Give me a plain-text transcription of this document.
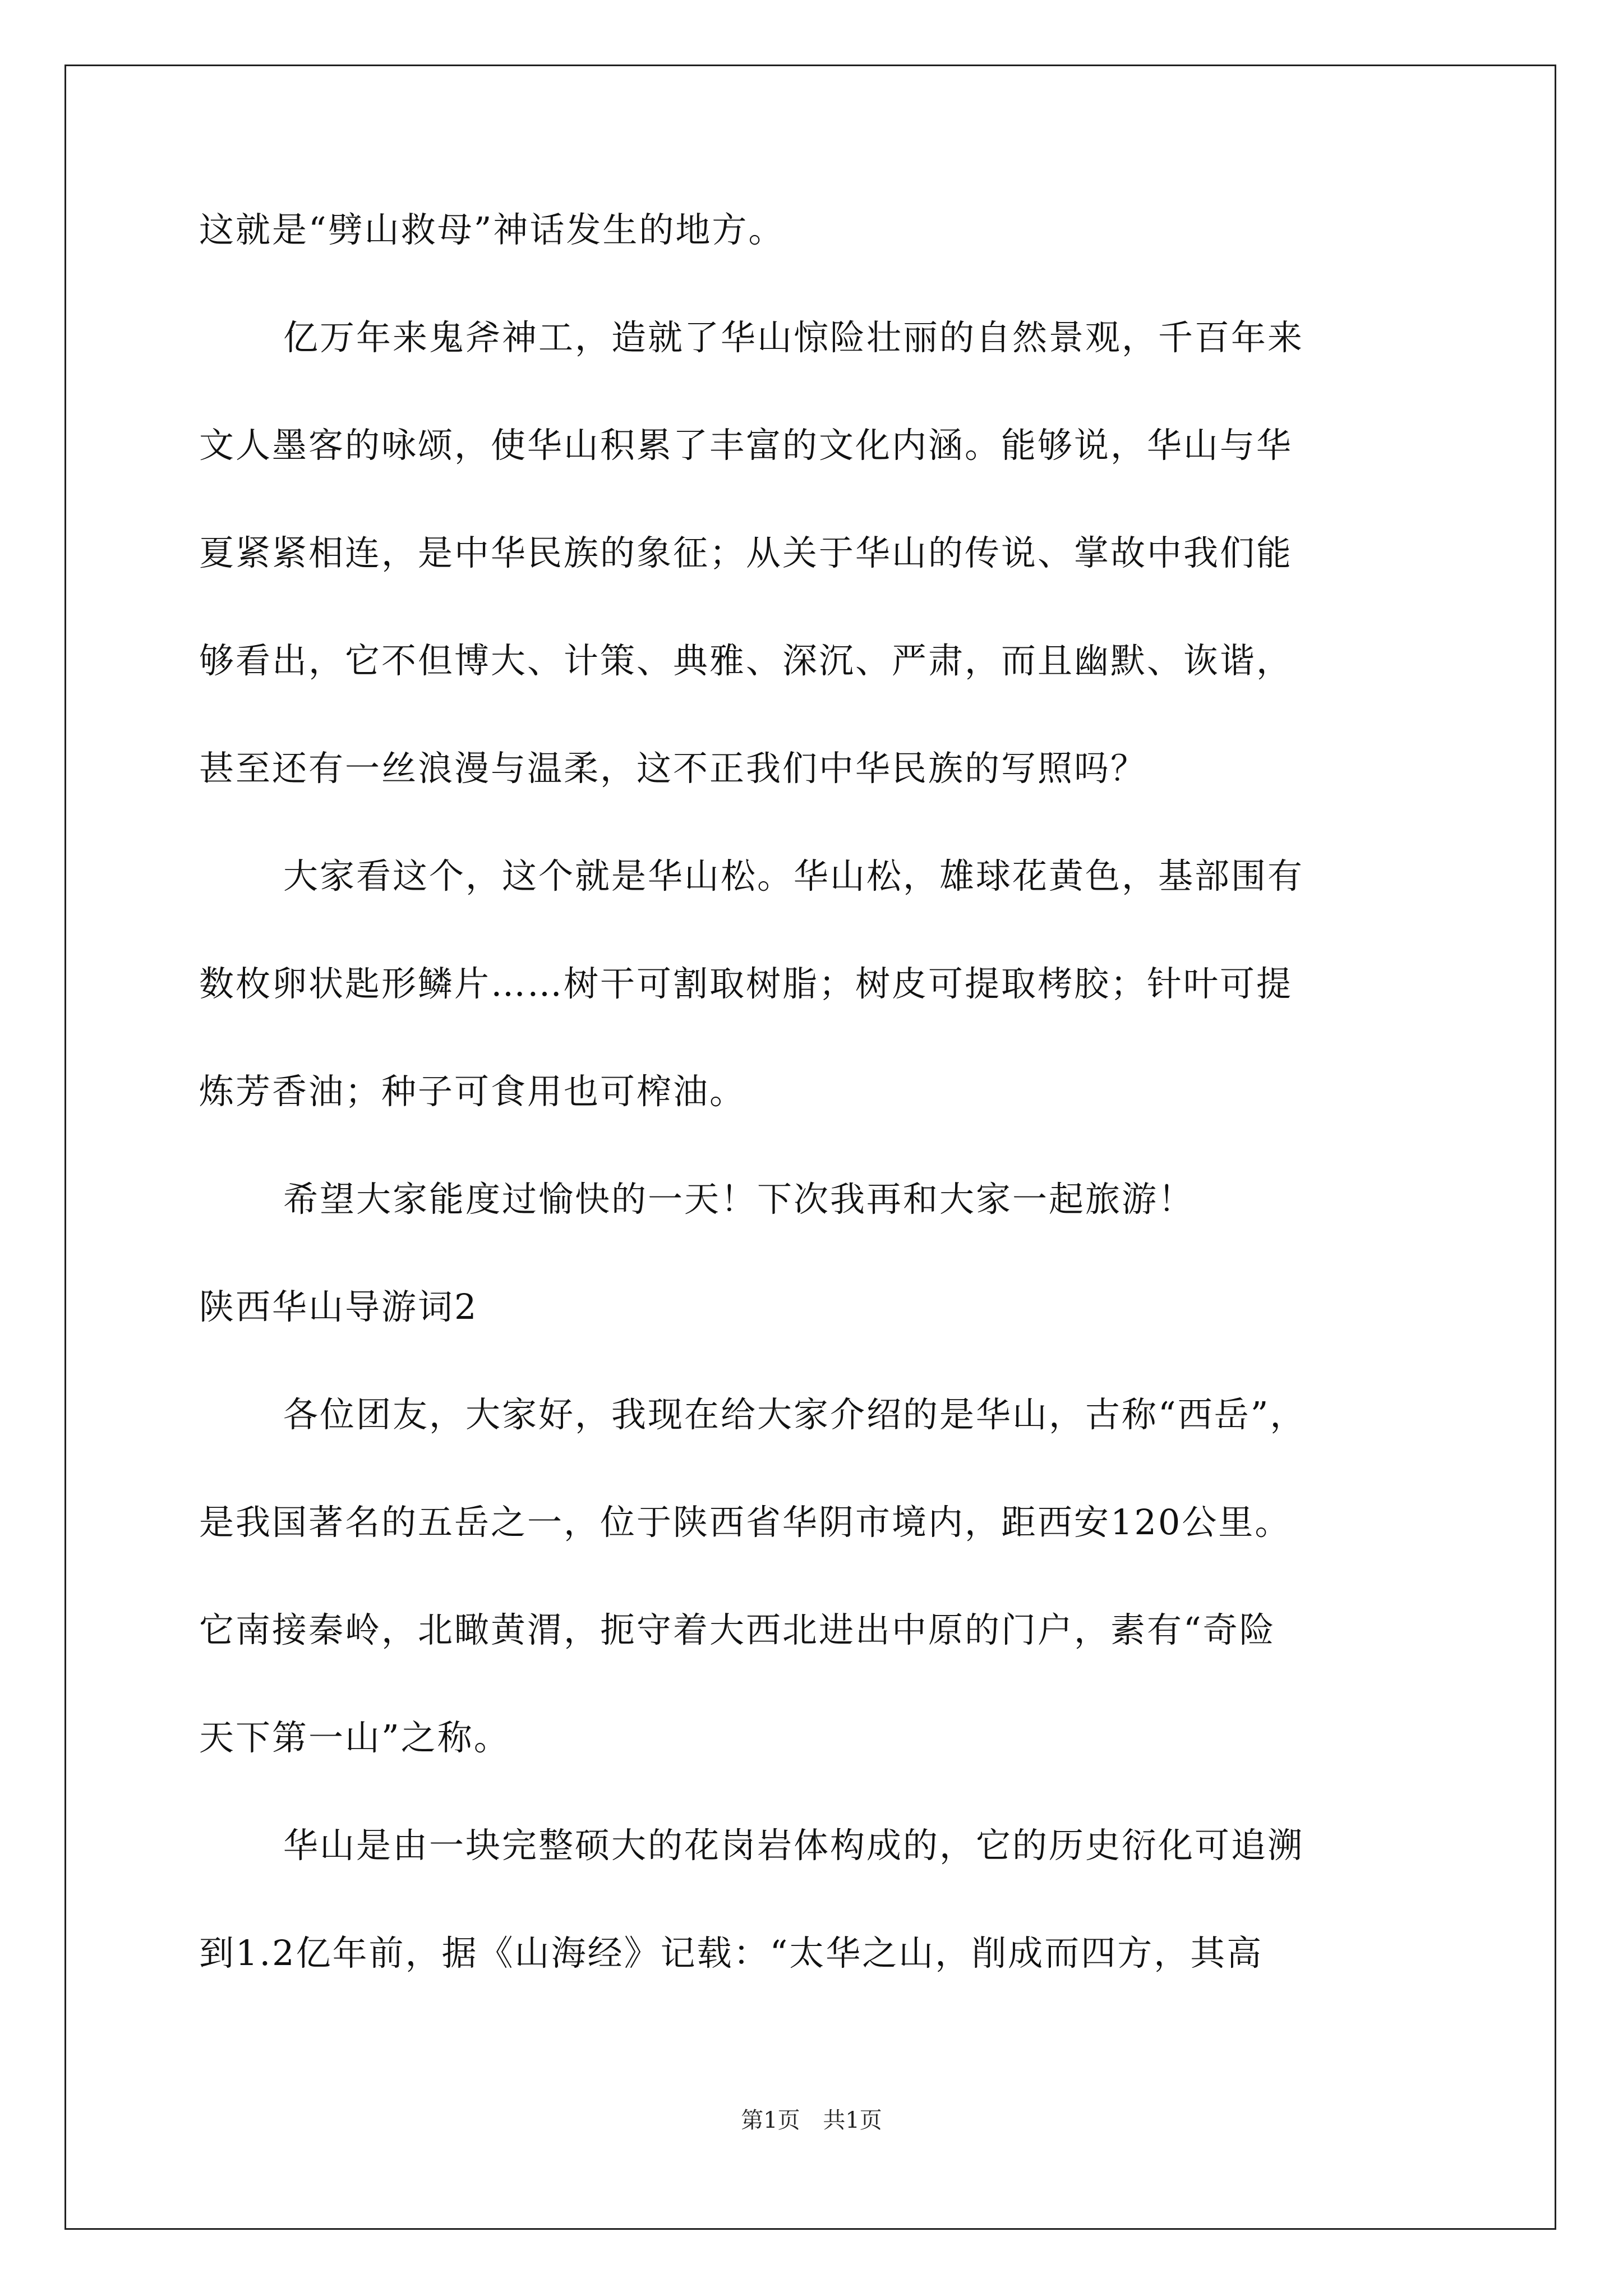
这就是“劈山救母”神话发生的地方。
亿万年来鬼斧神工，造就了华山惊险壮丽的自然景观，千百年来
文人墨客的咏颂，使华山积累了丰富的文化内涵。能够说，华山与华
夏紧紧相连，是中华民族的象征；从关于华山的传说、掌故中我们能
够看出，它不但博大、计策、典雅、深沉、严肃，而且幽默、诙谐，
甚至还有一丝浪漫与温柔，这不正我们中华民族的写照吗？
大家看这个，这个就是华山松。华山松，雄球花黄色，基部围有
数枚卵状匙形鳞片……树干可割取树脂；树皮可提取栲胶；针叶可提
炼芳香油；种子可食用也可榨油。
希望大家能度过愉快的一天！下次我再和大家一起旅游！
陕西华山导游词2
各位团友，大家好，我现在给大家介绍的是华山，古称“西岳”，
是我国著名的五岳之一，位于陕西省华阴市境内，距西安120公里。
它南接秦岭，北瞰黄渭，扼守着大西北进出中原的门户，素有“奇险
天下第一山”之称。
华山是由一块完整硕大的花岗岩体构成的，它的历史衍化可追溯
到1.2亿年前，据《山海经》记载：“太华之山，削成而四方，其高
第1页 共1页
